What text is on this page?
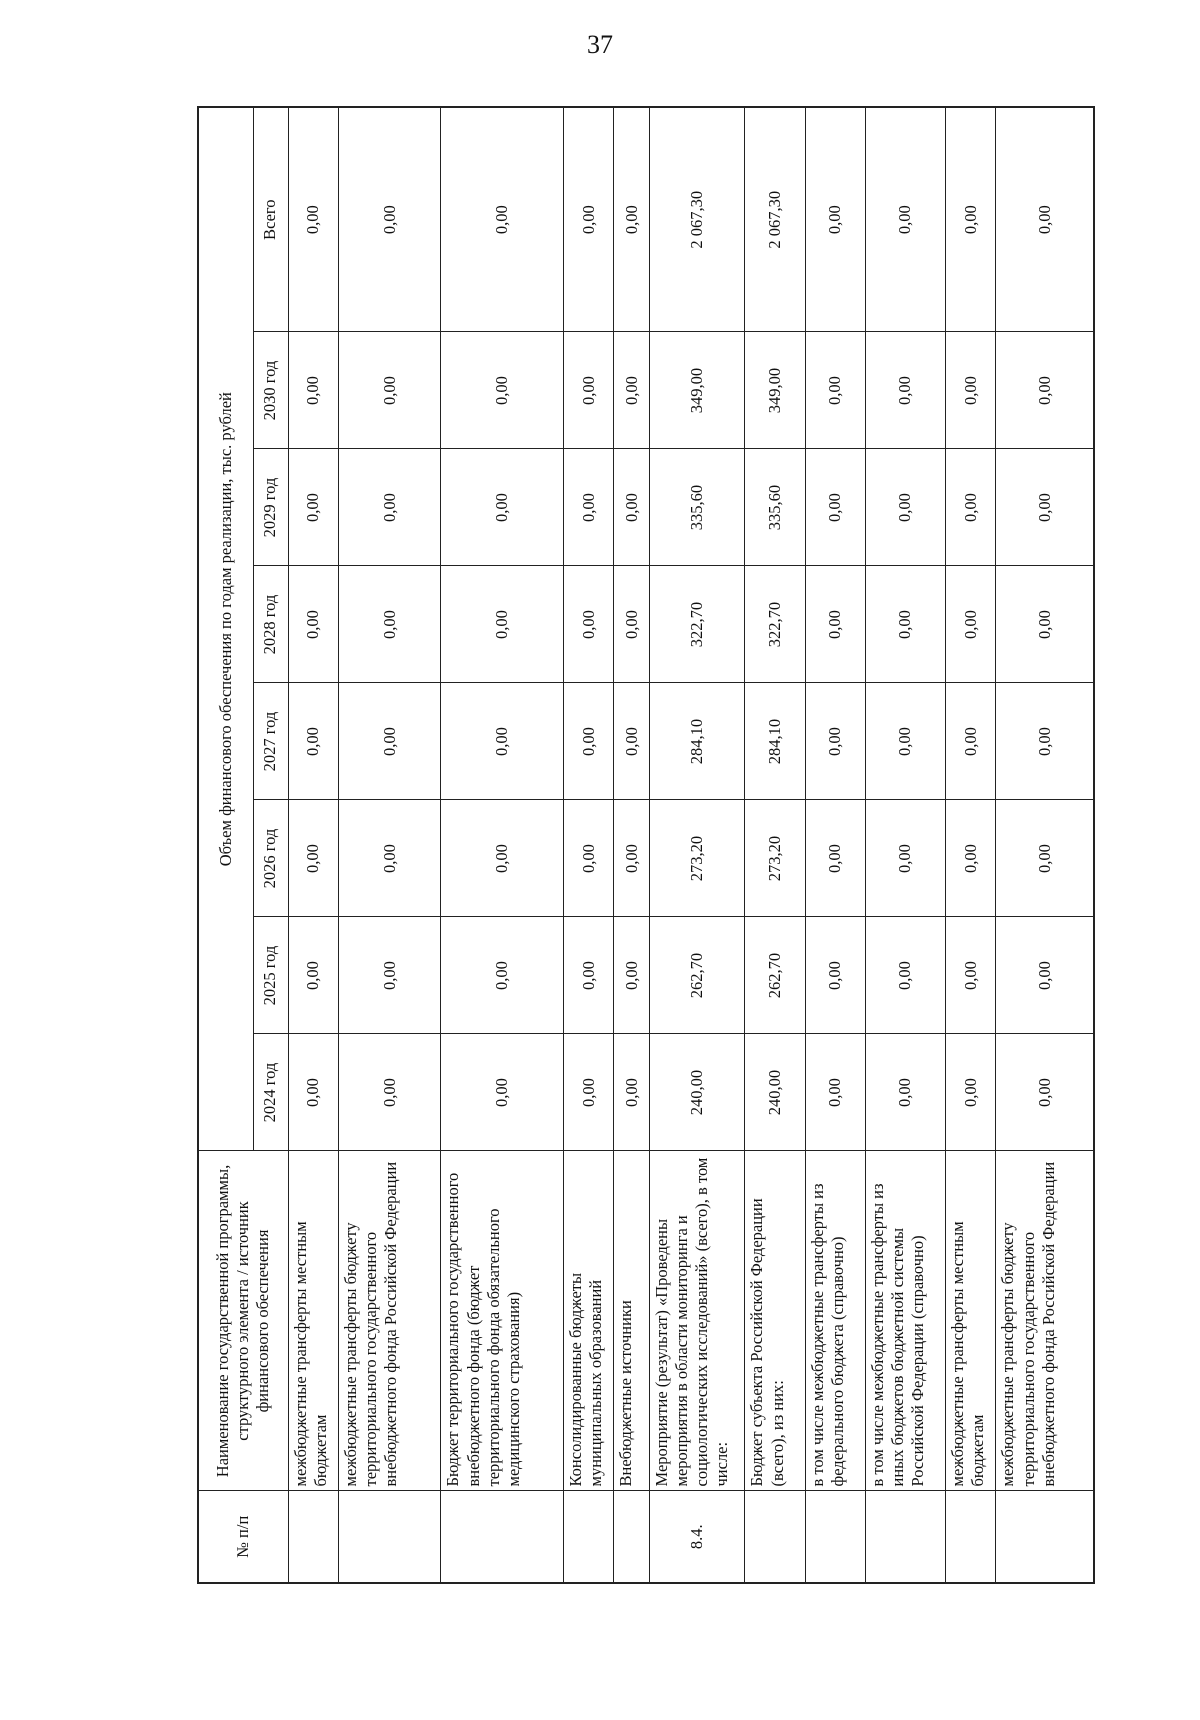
37
№ п/п	Наименование государственной программы, структурного элемента / источник финансового обеспечения	Объем финансового обеспечения по годам реализации, тыс. рублей							
		2024 год	2025 год	2026 год	2027 год	2028 год	2029 год	2030 год	Всего
	межбюджетные трансферты местным бюджетам	0,00	0,00	0,00	0,00	0,00	0,00	0,00	0,00
	межбюджетные трансферты бюджету территориального государственного внебюджетного фонда Российской Федерации	0,00	0,00	0,00	0,00	0,00	0,00	0,00	0,00
	Бюджет территориального государственного внебюджетного фонда (бюджет территориального фонда обязательного медицинского страхования)	0,00	0,00	0,00	0,00	0,00	0,00	0,00	0,00
	Консолидированные бюджеты муниципальных образований	0,00	0,00	0,00	0,00	0,00	0,00	0,00	0,00
	Внебюджетные источники	0,00	0,00	0,00	0,00	0,00	0,00	0,00	0,00
8.4.	Мероприятие (результат) «Проведены мероприятия в области мониторинга и социологических исследований» (всего), в том числе:	240,00	262,70	273,20	284,10	322,70	335,60	349,00	2 067,30
	Бюджет субъекта Российской Федерации (всего), из них:	240,00	262,70	273,20	284,10	322,70	335,60	349,00	2 067,30
	в том числе межбюджетные трансферты из федерального бюджета (справочно)	0,00	0,00	0,00	0,00	0,00	0,00	0,00	0,00
	в том числе межбюджетные трансферты из иных бюджетов бюджетной системы Российской Федерации (справочно)	0,00	0,00	0,00	0,00	0,00	0,00	0,00	0,00
	межбюджетные трансферты местным бюджетам	0,00	0,00	0,00	0,00	0,00	0,00	0,00	0,00
	межбюджетные трансферты бюджету территориального государственного внебюджетного фонда Российской Федерации	0,00	0,00	0,00	0,00	0,00	0,00	0,00	0,00
